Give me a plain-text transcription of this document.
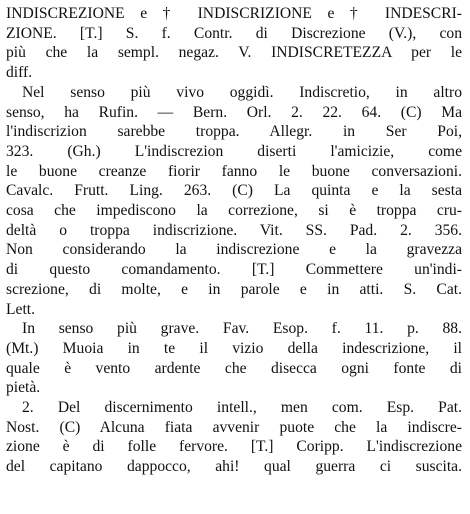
INDISCREZIONE e † INDISCRIZIONE e † INDESCRI-
ZIONE. [T.] S. f. Contr. di Discrezione (V.), con
più che la sempl. negaz. V. INDISCRETEZZA per le
diff.
Nel senso più vivo oggidì. Indiscretio, in altro
senso, ha Rufin. — Bern. Orl. 2. 22. 64. (C) Ma
l'indiscrizion sarebbe troppa. Allegr. in Ser Poi,
323. (Gh.) L'indiscrezion diserti l'amicizie, come
le buone creanze fiorir fanno le buone conversazioni.
Cavalc. Frutt. Ling. 263. (C) La quinta e la sesta
cosa che impediscono la correzione, si è troppa cru-
deltà o troppa indiscrizione. Vit. SS. Pad. 2. 356.
Non considerando la indiscrezione e la gravezza
di questo comandamento. [T.] Commettere un'indi-
screzione, di molte, e in parole e in atti. S. Cat.
Lett.
In senso più grave. Fav. Esop. f. 11. p. 88.
(Mt.) Muoia in te il vizio della indescrizione, il
quale è vento ardente che disecca ogni fonte di
pietà.
2. Del discernimento intell., men com. Esp. Pat.
Nost. (C) Alcuna fiata avvenir puote che la indiscre-
zione è di folle fervore. [T.] Coripp. L'indiscrezione
del capitano dappocco, ahi! qual guerra ci suscita.
